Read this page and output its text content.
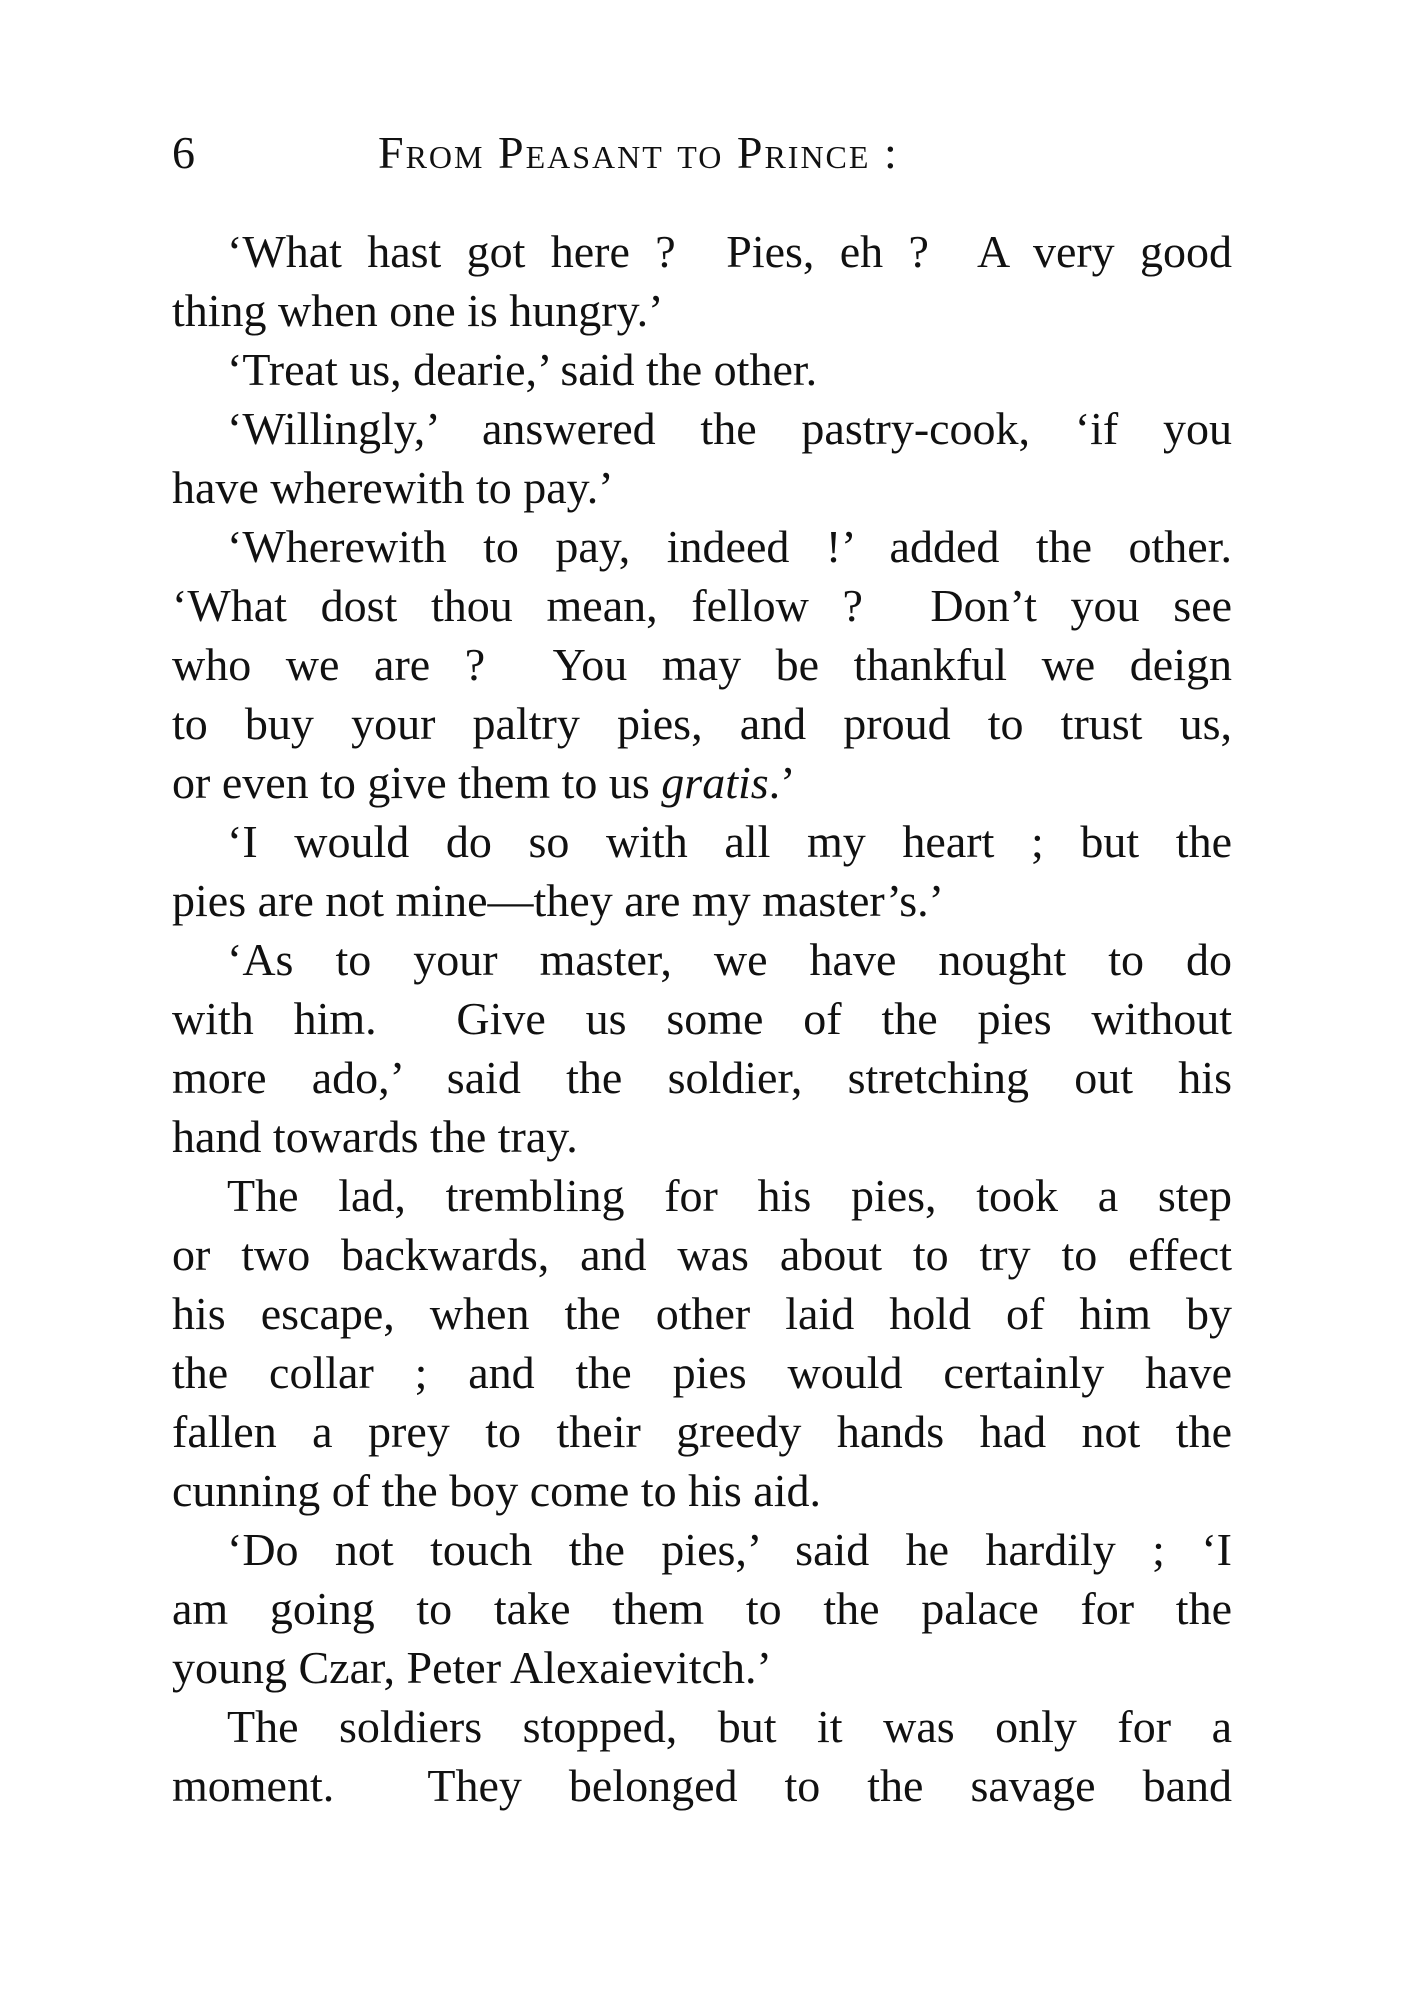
6	From Peasant to Prince :
‘What hast got here ?  Pies, eh ?  A very good
thing when one is hungry.’
‘Treat us, dearie,’ said the other.
‘Willingly,’ answered the pastry-cook, ‘if you
have wherewith to pay.’
‘Wherewith to pay, indeed !’ added the other.
‘What dost thou mean, fellow ?  Don’t you see
who we are ?  You may be thankful we deign
to buy your paltry pies, and proud to trust us,
or even to give them to us gratis.’
‘I would do so with all my heart ; but the
pies are not mine—they are my master’s.’
‘As to your master, we have nought to do
with him.  Give us some of the pies without
more ado,’ said the soldier, stretching out his
hand towards the tray.
The lad, trembling for his pies, took a step
or two backwards, and was about to try to effect
his escape, when the other laid hold of him by
the collar ; and the pies would certainly have
fallen a prey to their greedy hands had not the
cunning of the boy come to his aid.
‘Do not touch the pies,’ said he hardily ; ‘I
am going to take them to the palace for the
young Czar, Peter Alexaievitch.’
The soldiers stopped, but it was only for a
moment.  They belonged to the savage band
